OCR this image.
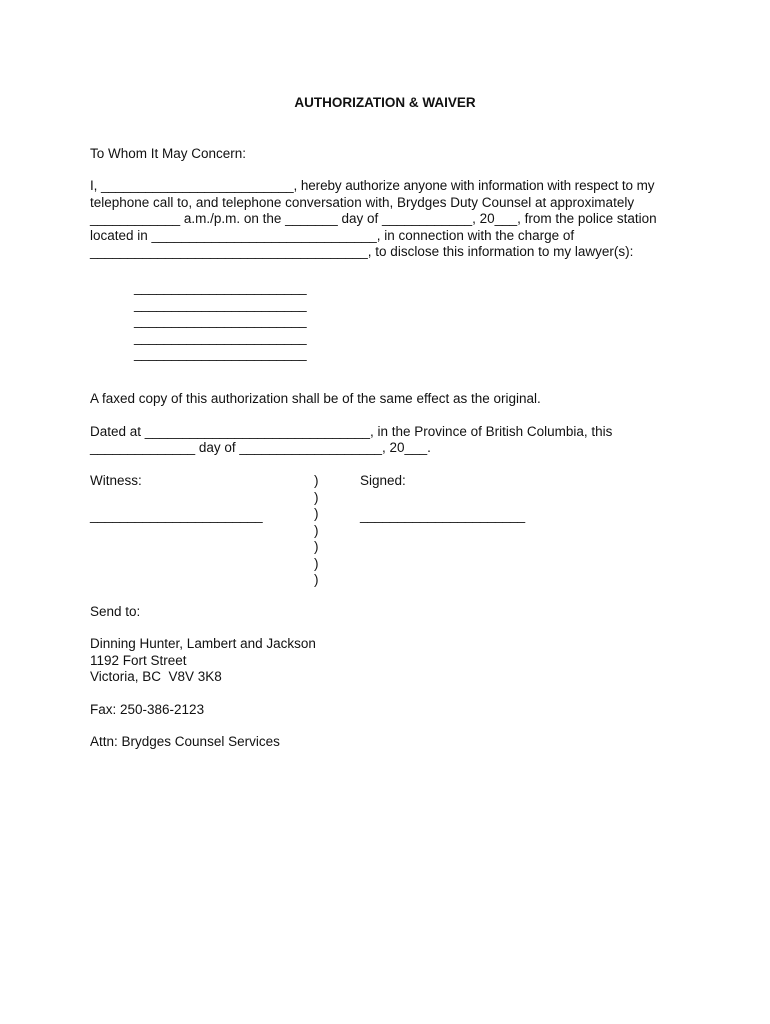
AUTHORIZATION & WAIVER
To Whom It May Concern:
I, __________________________, hereby authorize anyone with information with respect to my
telephone call to, and telephone conversation with, Brydges Duty Counsel at approximately
____________ a.m./p.m. on the _______ day of ____________, 20___, from the police station
located in ______________________________, in connection with the charge of
_____________________________________, to disclose this information to my lawyer(s):
_______________________
_______________________
_______________________
_______________________
_______________________
A faxed copy of this authorization shall be of the same effect as the original.
Dated at ______________________________, in the Province of British Columbia, this
______________ day of ___________________, 20___.
Witness:
_______________________
Signed:
______________________
)
)
)
)
)
)
)
Send to:
Dinning Hunter, Lambert and Jackson
1192 Fort Street
Victoria, BC  V8V 3K8
Fax: 250-386-2123
Attn: Brydges Counsel Services
